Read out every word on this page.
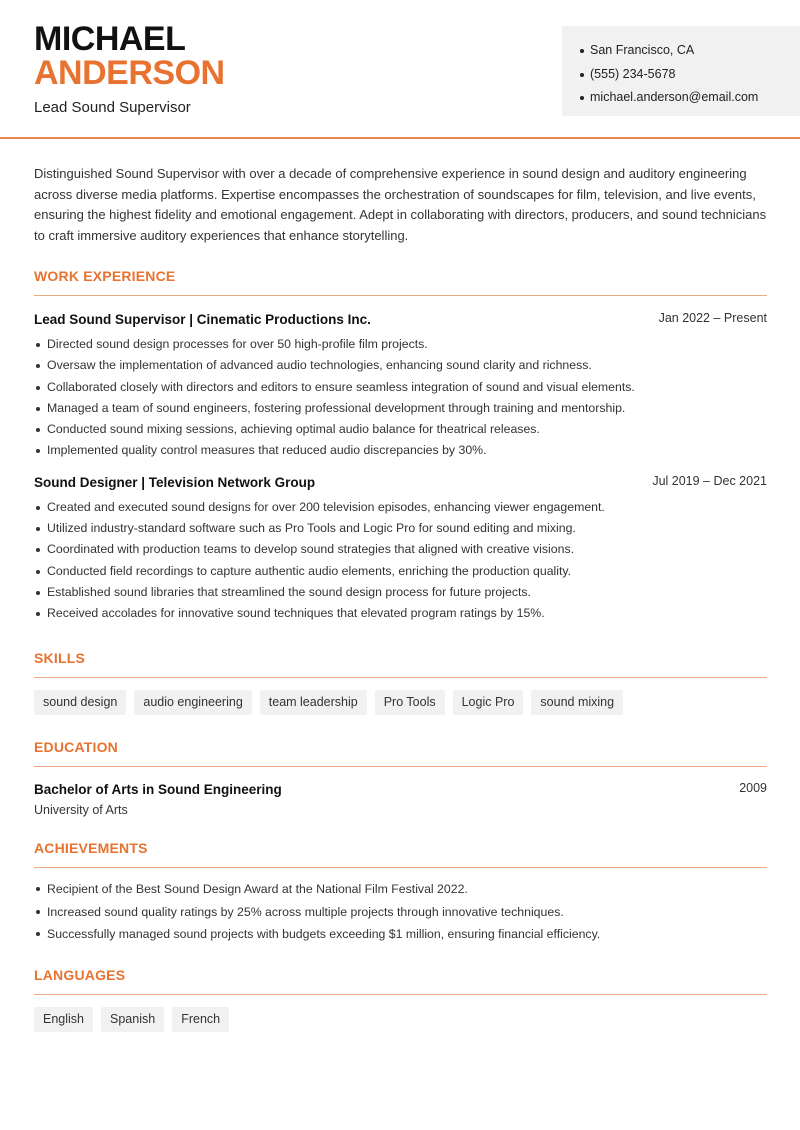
MICHAEL
ANDERSON
Lead Sound Supervisor
San Francisco, CA
(555) 234-5678
michael.anderson@email.com

Distinguished Sound Supervisor with over a decade of comprehensive experience in sound design and auditory engineering across diverse media platforms. Expertise encompasses the orchestration of soundscapes for film, television, and live events, ensuring the highest fidelity and emotional engagement. Adept in collaborating with directors, producers, and sound technicians to craft immersive auditory experiences that enhance storytelling.

WORK EXPERIENCE
Lead Sound Supervisor | Cinematic Productions Inc.	Jan 2022 – Present
Directed sound design processes for over 50 high-profile film projects.
Oversaw the implementation of advanced audio technologies, enhancing sound clarity and richness.
Collaborated closely with directors and editors to ensure seamless integration of sound and visual elements.
Managed a team of sound engineers, fostering professional development through training and mentorship.
Conducted sound mixing sessions, achieving optimal audio balance for theatrical releases.
Implemented quality control measures that reduced audio discrepancies by 30%.
Sound Designer | Television Network Group	Jul 2019 – Dec 2021
Created and executed sound designs for over 200 television episodes, enhancing viewer engagement.
Utilized industry-standard software such as Pro Tools and Logic Pro for sound editing and mixing.
Coordinated with production teams to develop sound strategies that aligned with creative visions.
Conducted field recordings to capture authentic audio elements, enriching the production quality.
Established sound libraries that streamlined the sound design process for future projects.
Received accolades for innovative sound techniques that elevated program ratings by 15%.
SKILLS
sound design	audio engineering	team leadership	Pro Tools	Logic Pro	sound mixing
EDUCATION
Bachelor of Arts in Sound Engineering	2009
University of Arts
ACHIEVEMENTS
Recipient of the Best Sound Design Award at the National Film Festival 2022.
Increased sound quality ratings by 25% across multiple projects through innovative techniques.
Successfully managed sound projects with budgets exceeding $1 million, ensuring financial efficiency.
LANGUAGES
English	Spanish	French
